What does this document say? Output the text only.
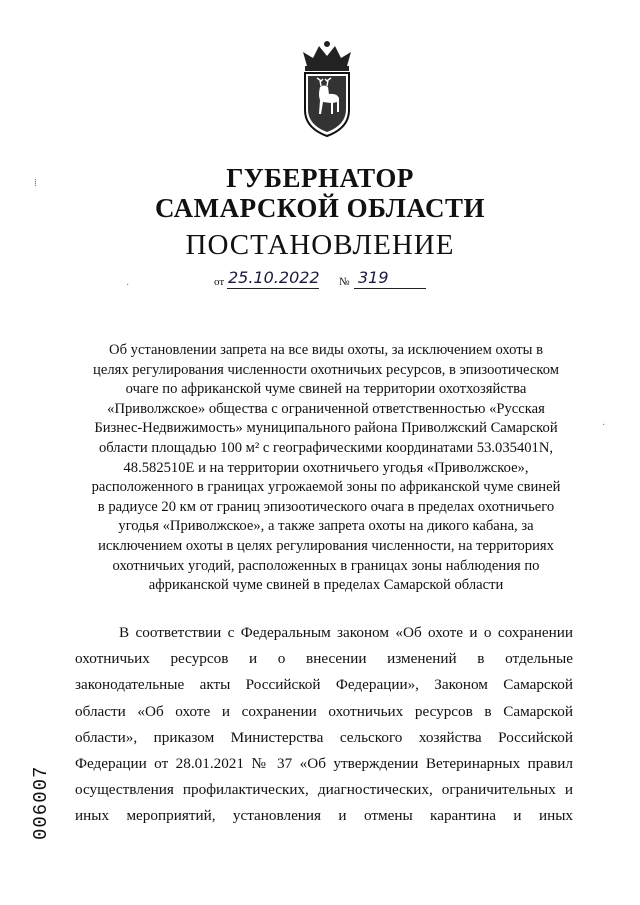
ГУБЕРНАТОР
САМАРСКОЙ ОБЛАСТИ
ПОСТАНОВЛЕНИЕ
от 25.10.2022 № 319
Об установлении запрета на все виды охоты, за исключением охоты в
целях регулирования численности охотничьих ресурсов, в эпизоотическом
очаге по африканской чуме свиней на территории охотхозяйства
«Приволжское» общества с ограниченной ответственностью «Русская
Бизнес-Недвижимость» муниципального района Приволжский Самарской
области площадью 100 м² с географическими координатами 53.035401N,
48.582510E и на территории охотничьего угодья «Приволжское»,
расположенного в границах угрожаемой зоны по африканской чуме свиней
в радиусе 20 км от границ эпизоотического очага в пределах охотничьего
угодья «Приволжское», а также запрета охоты на дикого кабана, за
исключением охоты в целях регулирования численности, на территориях
охотничьих угодий, расположенных в границах зоны наблюдения по
африканской чуме свиней в пределах Самарской области
В соответствии с Федеральным законом «Об охоте и о сохранении
охотничьих ресурсов и о внесении изменений в отдельные
законодательные акты Российской Федерации», Законом Самарской
области «Об охоте и сохранении охотничьих ресурсов в Самарской
области», приказом Министерства сельского хозяйства Российской
Федерации от 28.01.2021 № 37 «Об утверждении Ветеринарных правил
осуществления профилактических, диагностических, ограничительных и
иных мероприятий, установления и отмены карантина и иных
006007
⁞
·
·
